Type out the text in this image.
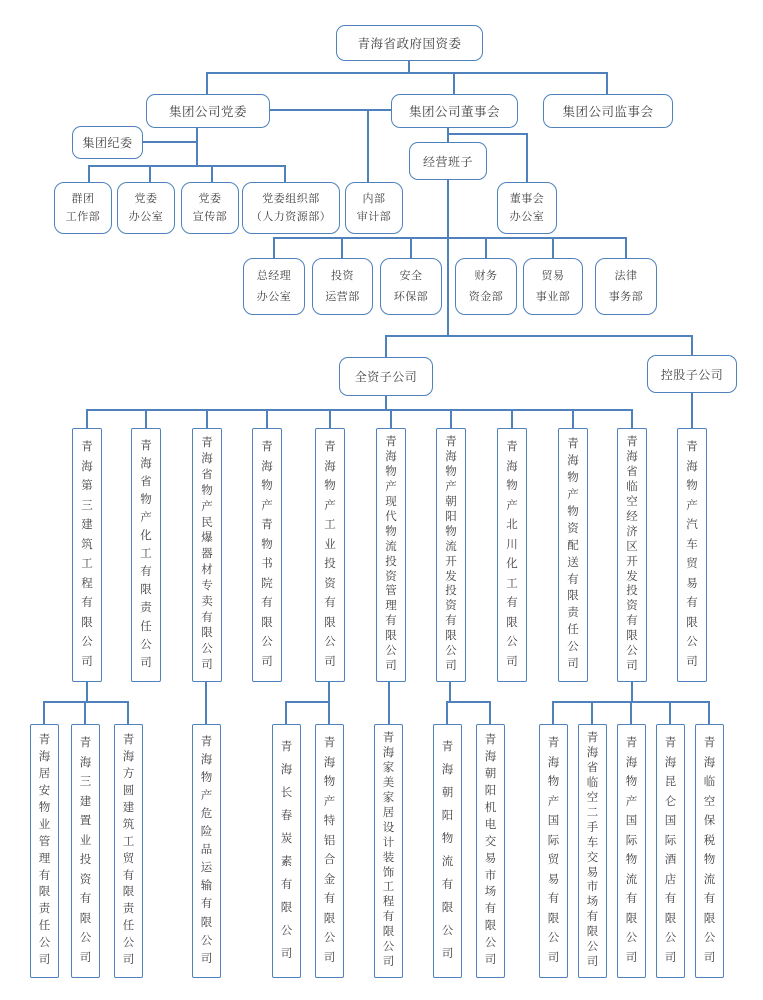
青海省政府国资委
集团公司党委	集团公司董事会	集团公司监事会
集团纪委
经营班子
群团
工作部
党委
办公室
党委
宣传部
党委组织部
（人力资源部）
内部
审计部
董事会
办公室
总经理
办公室
投资
运营部
安全
环保部
财务
资金部
贸易
事业部
法律
事务部
全资子公司	控股子公司
青
海
第
三
建
筑
工
程
有
限
公
司
青
海
省
物
产
化
工
有
限
责
任
公
司
青
海
省
物
产
民
爆
器
材
专
卖
有
限
公
司
青
海
物
产
青
物
书
院
有
限
公
司
青
海
物
产
工
业
投
资
有
限
公
司
青
海
物
产
现
代
物
流
投
资
管
理
有
限
公
司
青
海
物
产
朝
阳
物
流
开
发
投
资
有
限
公
司
青
海
物
产
北
川
化
工
有
限
公
司
青
海
物
产
物
资
配
送
有
限
责
任
公
司
青
海
省
临
空
经
济
区
开
发
投
资
有
限
公
司
青
海
物
产
汽
车
贸
易
有
限
公
司
青
海
居
安
物
业
管
理
有
限
责
任
公
司
青
海
三
建
置
业
投
资
有
限
公
司
青
海
方
圆
建
筑
工
贸
有
限
责
任
公
司
青
海
物
产
危
险
品
运
输
有
限
公
司
青
海
长
春
炭
素
有
限
公
司
青
海
物
产
特
铝
合
金
有
限
公
司
青
海
家
美
家
居
设
计
装
饰
工
程
有
限
公
司
青
海
朝
阳
物
流
有
限
公
司
青
海
朝
阳
机
电
交
易
市
场
有
限
公
司
青
海
物
产
国
际
贸
易
有
限
公
司
青
海
省
临
空
二
手
车
交
易
市
场
有
限
公
司
青
海
物
产
国
际
物
流
有
限
公
司
青
海
昆
仑
国
际
酒
店
有
限
公
司
青
海
临
空
保
税
物
流
有
限
公
司
